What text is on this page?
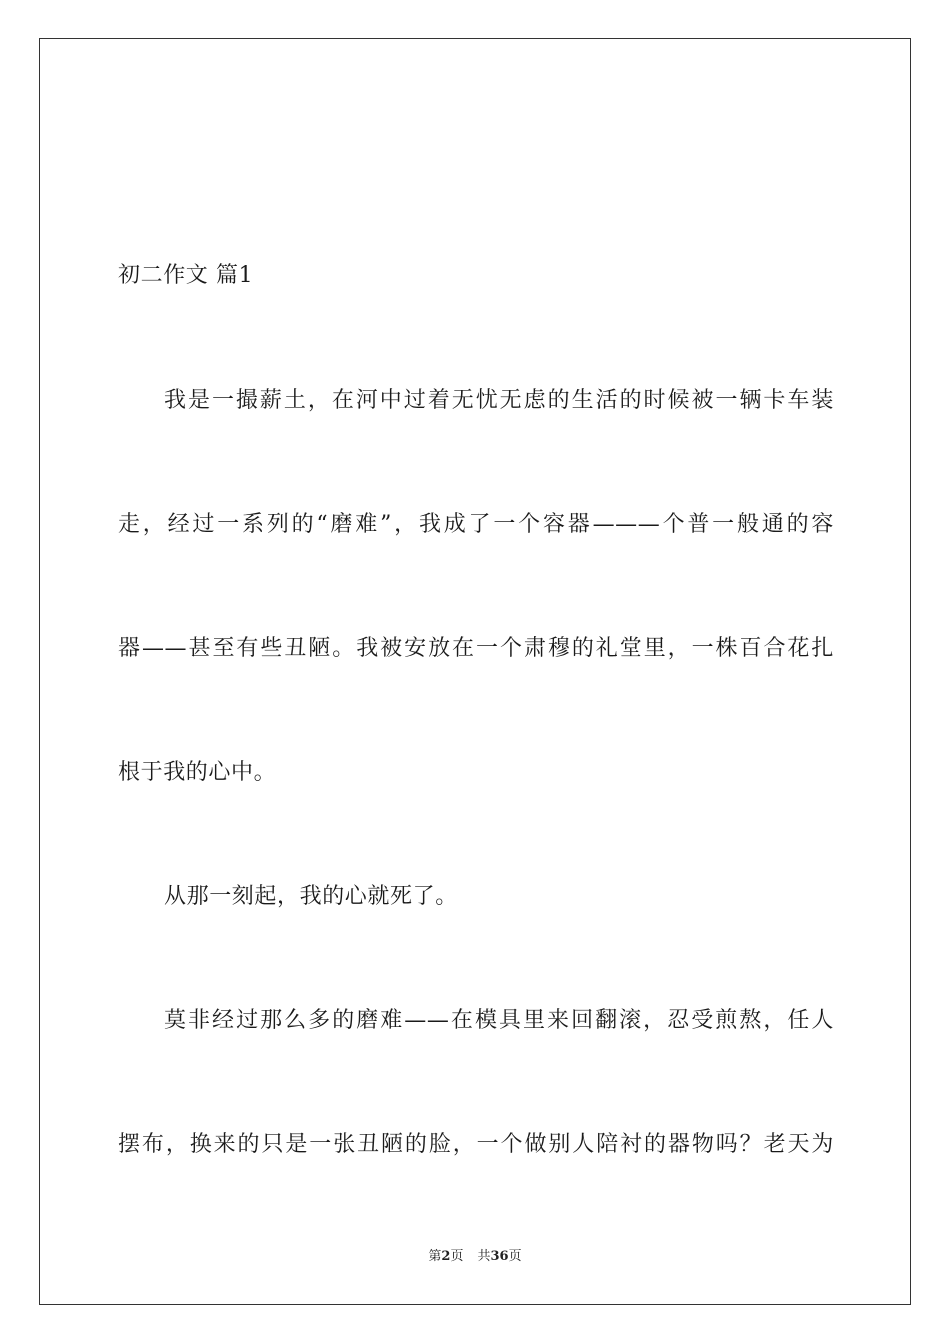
初二作文 篇1
我是一撮薪土，在河中过着无忧无虑的生活的时候被一辆卡车装
走，经过一系列的“磨难”，我成了一个容器———个普一般通的容
器——甚至有些丑陋。我被安放在一个肃穆的礼堂里，一株百合花扎
根于我的心中。
从那一刻起，我的心就死了。
莫非经过那么多的磨难——在模具里来回翻滚，忍受煎熬，任人
摆布，换来的只是一张丑陋的脸，一个做别人陪衬的器物吗？老天为
第2页 共36页
